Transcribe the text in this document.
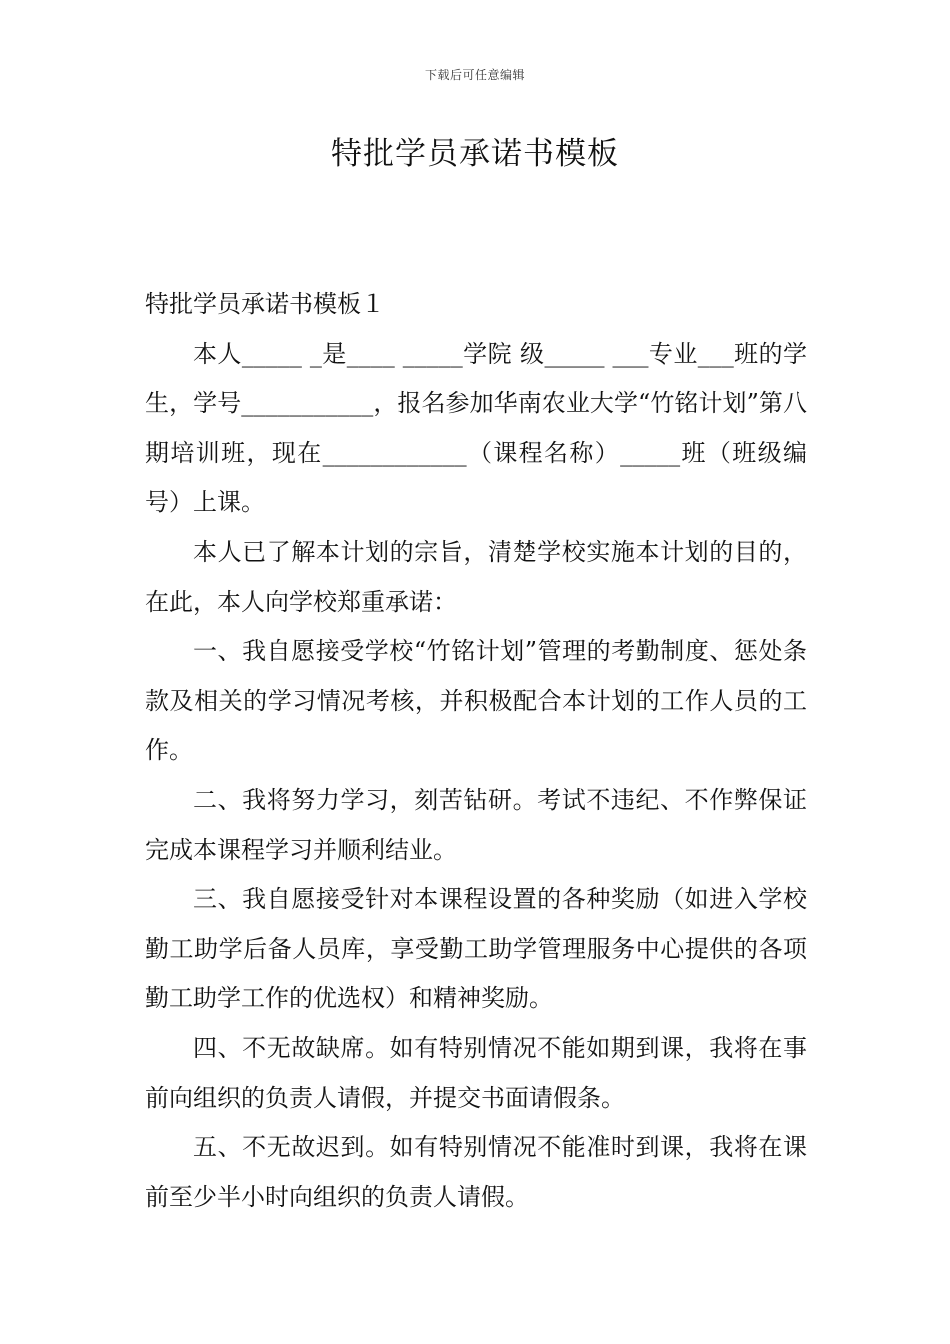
下载后可任意编辑
特批学员承诺书模板

特批学员承诺书模板１

本人_____ _是____ _____学院 级_____ ___专业___班的学生，学号___________，报名参加华南农业大学“竹铭计划”第八期培训班，现在____________（课程名称）_____班（班级编号）上课。

本人已了解本计划的宗旨，清楚学校实施本计划的目的，在此，本人向学校郑重承诺：

一、我自愿接受学校“竹铭计划”管理的考勤制度、惩处条款及相关的学习情况考核，并积极配合本计划的工作人员的工作。

二、我将努力学习，刻苦钻研。考试不违纪、不作弊保证完成本课程学习并顺利结业。

三、我自愿接受针对本课程设置的各种奖励（如进入学校勤工助学后备人员库，享受勤工助学管理服务中心提供的各项勤工助学工作的优选权）和精神奖励。

四、不无故缺席。如有特别情况不能如期到课，我将在事前向组织的负责人请假，并提交书面请假条。

五、不无故迟到。如有特别情况不能准时到课，我将在课前至少半小时向组织的负责人请假。
